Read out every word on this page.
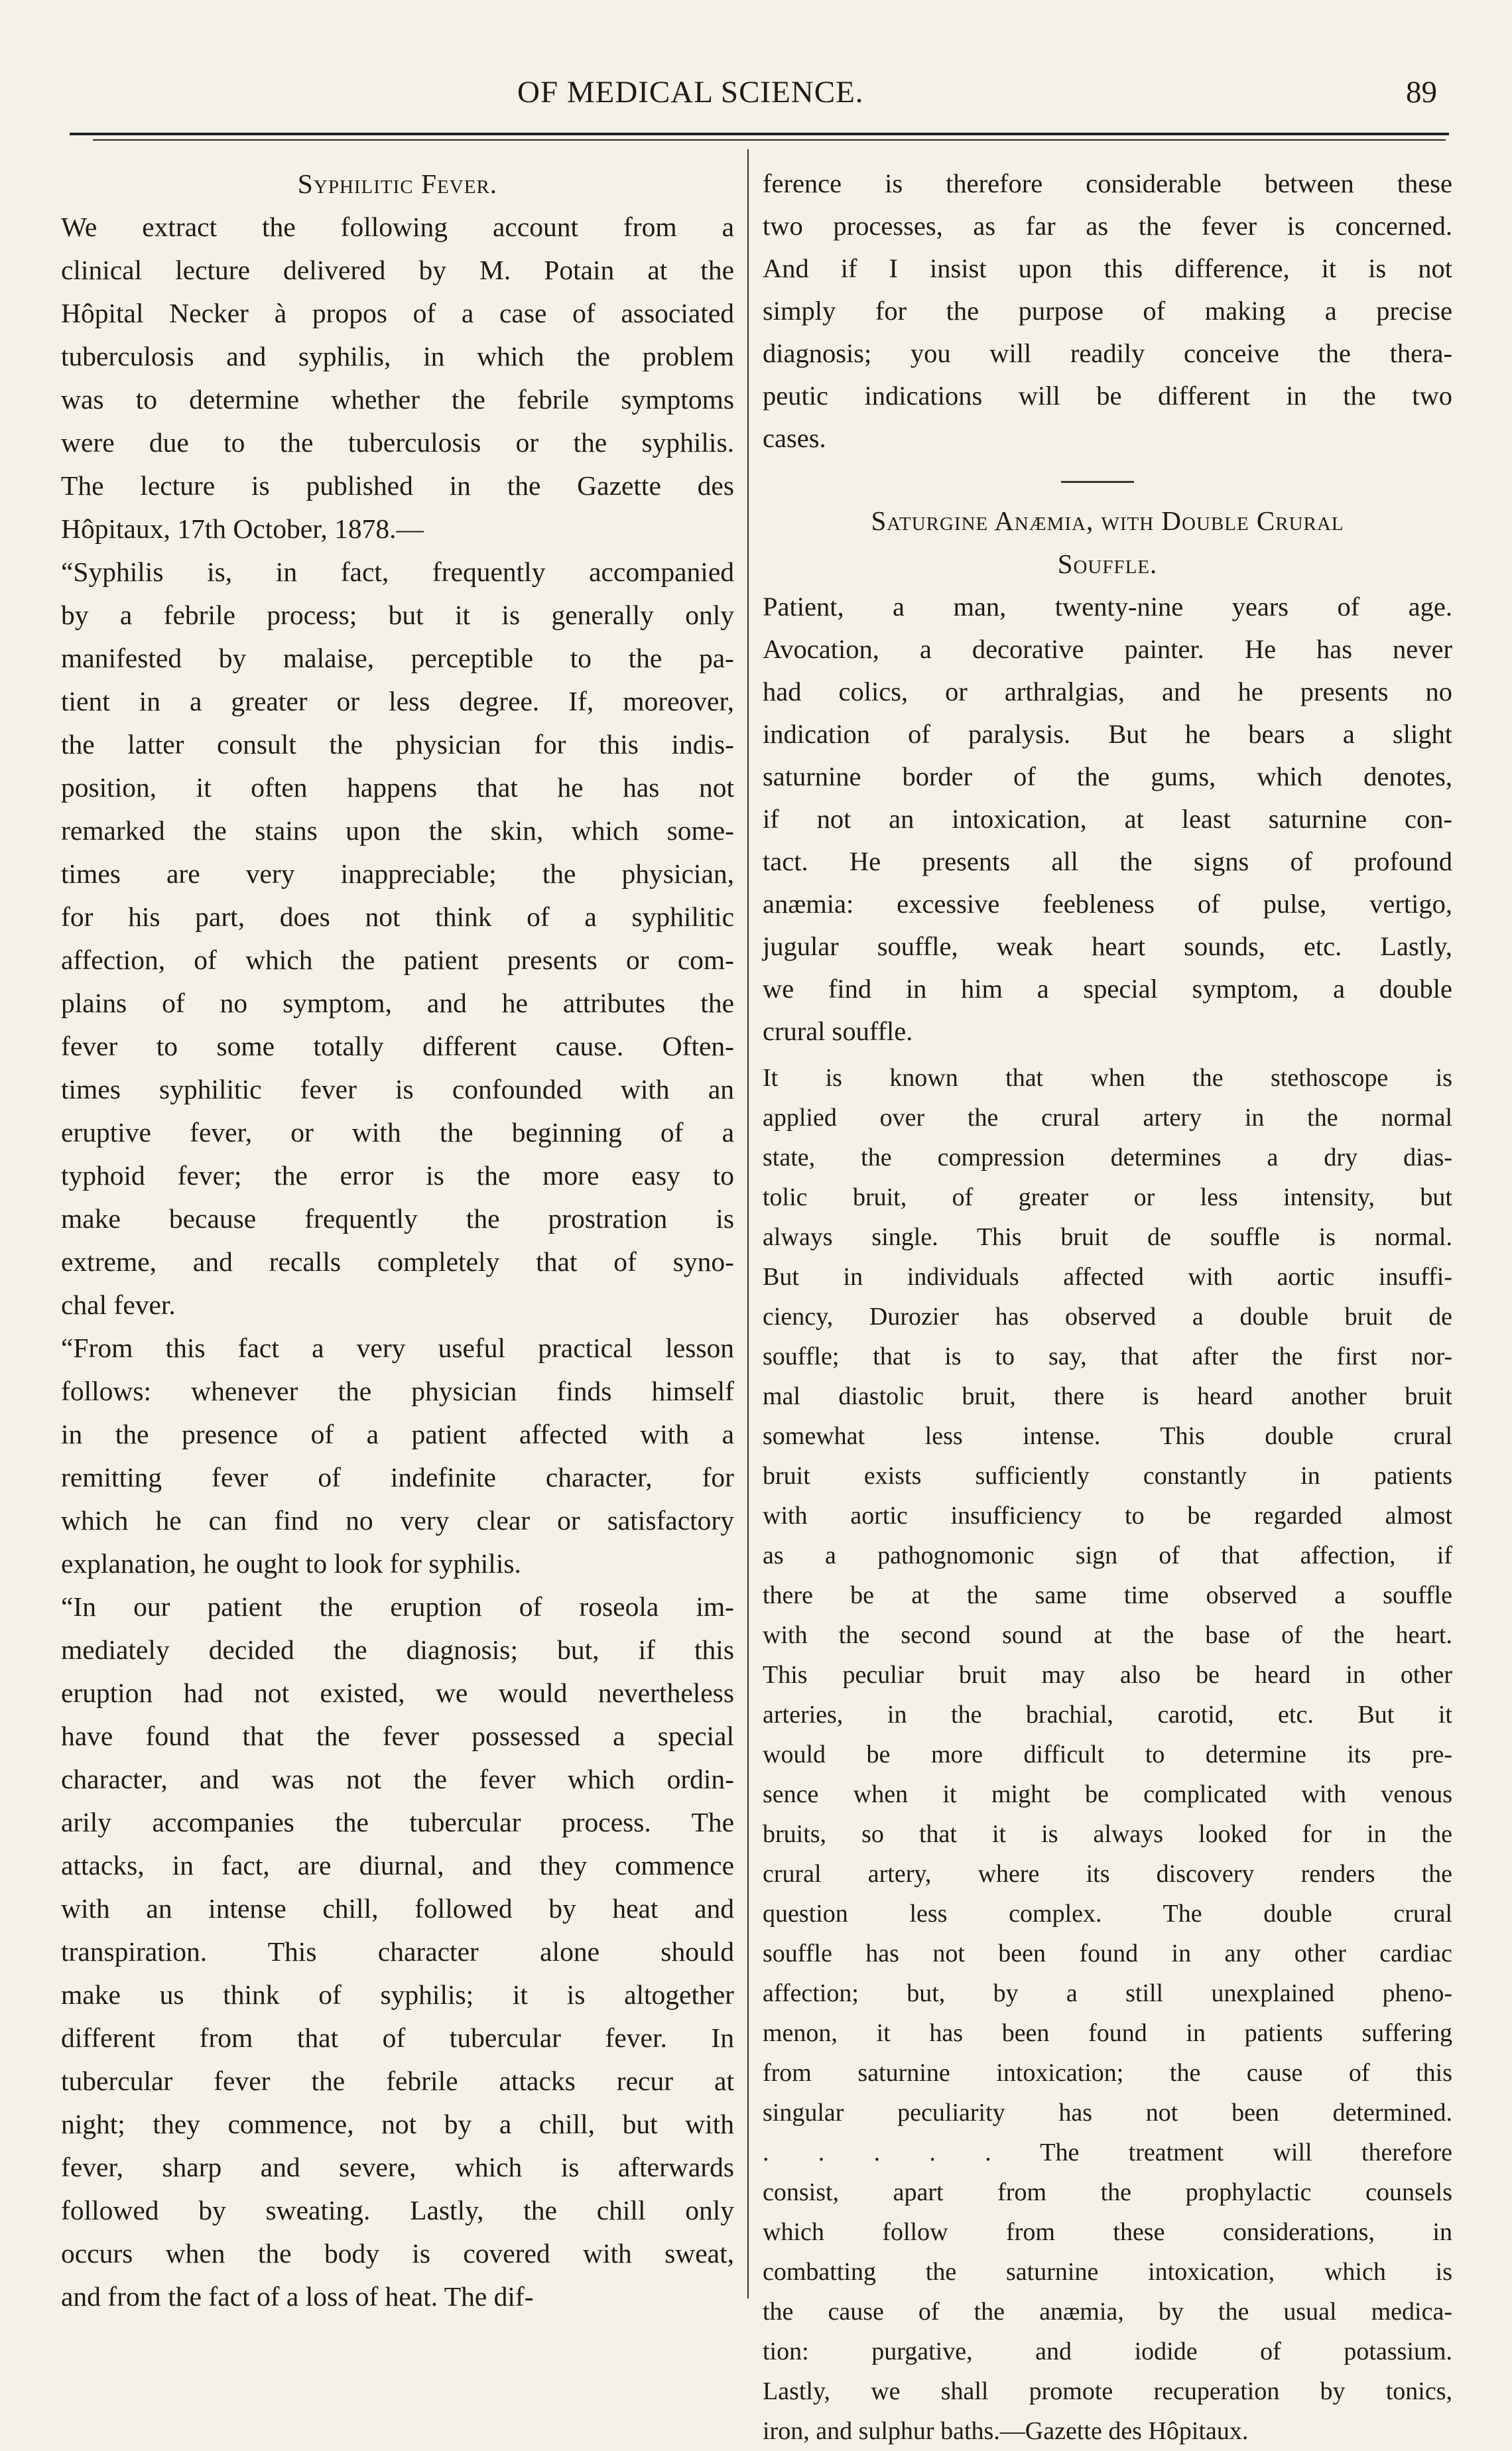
OF MEDICAL SCIENCE.	89
Syphilitic Fever.
We extract the following account from a
clinical lecture delivered by M. Potain at the
Hôpital Necker à propos of a case of associated
tuberculosis and syphilis, in which the problem
was to determine whether the febrile symptoms
were due to the tuberculosis or the syphilis.
The lecture is published in the Gazette des
Hôpitaux, 17th October, 1878.—
“Syphilis is, in fact, frequently accompanied
by a febrile process; but it is generally only
manifested by malaise, perceptible to the pa-
tient in a greater or less degree. If, moreover,
the latter consult the physician for this indis-
position, it often happens that he has not
remarked the stains upon the skin, which some-
times are very inappreciable; the physician,
for his part, does not think of a syphilitic
affection, of which the patient presents or com-
plains of no symptom, and he attributes the
fever to some totally different cause. Often-
times syphilitic fever is confounded with an
eruptive fever, or with the beginning of a
typhoid fever; the error is the more easy to
make because frequently the prostration is
extreme, and recalls completely that of syno-
chal fever.
“From this fact a very useful practical lesson
follows: whenever the physician finds himself
in the presence of a patient affected with a
remitting fever of indefinite character, for
which he can find no very clear or satisfactory
explanation, he ought to look for syphilis.
“In our patient the eruption of roseola im-
mediately decided the diagnosis; but, if this
eruption had not existed, we would nevertheless
have found that the fever possessed a special
character, and was not the fever which ordin-
arily accompanies the tubercular process. The
attacks, in fact, are diurnal, and they commence
with an intense chill, followed by heat and
transpiration. This character alone should
make us think of syphilis; it is altogether
different from that of tubercular fever. In
tubercular fever the febrile attacks recur at
night; they commence, not by a chill, but with
fever, sharp and severe, which is afterwards
followed by sweating. Lastly, the chill only
occurs when the body is covered with sweat,
and from the fact of a loss of heat. The dif-
ference is therefore considerable between these
two processes, as far as the fever is concerned.
And if I insist upon this difference, it is not
simply for the purpose of making a precise
diagnosis; you will readily conceive the thera-
peutic indications will be different in the two
cases.
Saturgine Anæmia, with Double Crural
Souffle.
Patient, a man, twenty-nine years of age.
Avocation, a decorative painter. He has never
had colics, or arthralgias, and he presents no
indication of paralysis. But he bears a slight
saturnine border of the gums, which denotes,
if not an intoxication, at least saturnine con-
tact. He presents all the signs of profound
anæmia: excessive feebleness of pulse, vertigo,
jugular souffle, weak heart sounds, etc. Lastly,
we find in him a special symptom, a double
crural souffle.
It is known that when the stethoscope is
applied over the crural artery in the normal
state, the compression determines a dry dias-
tolic bruit, of greater or less intensity, but
always single. This bruit de souffle is normal.
But in individuals affected with aortic insuffi-
ciency, Durozier has observed a double bruit de
souffle; that is to say, that after the first nor-
mal diastolic bruit, there is heard another bruit
somewhat less intense. This double crural
bruit exists sufficiently constantly in patients
with aortic insufficiency to be regarded almost
as a pathognomonic sign of that affection, if
there be at the same time observed a souffle
with the second sound at the base of the heart.
This peculiar bruit may also be heard in other
arteries, in the brachial, carotid, etc. But it
would be more difficult to determine its pre-
sence when it might be complicated with venous
bruits, so that it is always looked for in the
crural artery, where its discovery renders the
question less complex. The double crural
souffle has not been found in any other cardiac
affection; but, by a still unexplained pheno-
menon, it has been found in patients suffering
from saturnine intoxication; the cause of this
singular peculiarity has not been determined.
. . . . . The treatment will therefore
consist, apart from the prophylactic counsels
which follow from these considerations, in
combatting the saturnine intoxication, which is
the cause of the anæmia, by the usual medica-
tion: purgative, and iodide of potassium.
Lastly, we shall promote recuperation by tonics,
iron, and sulphur baths.—Gazette des Hôpitaux.
